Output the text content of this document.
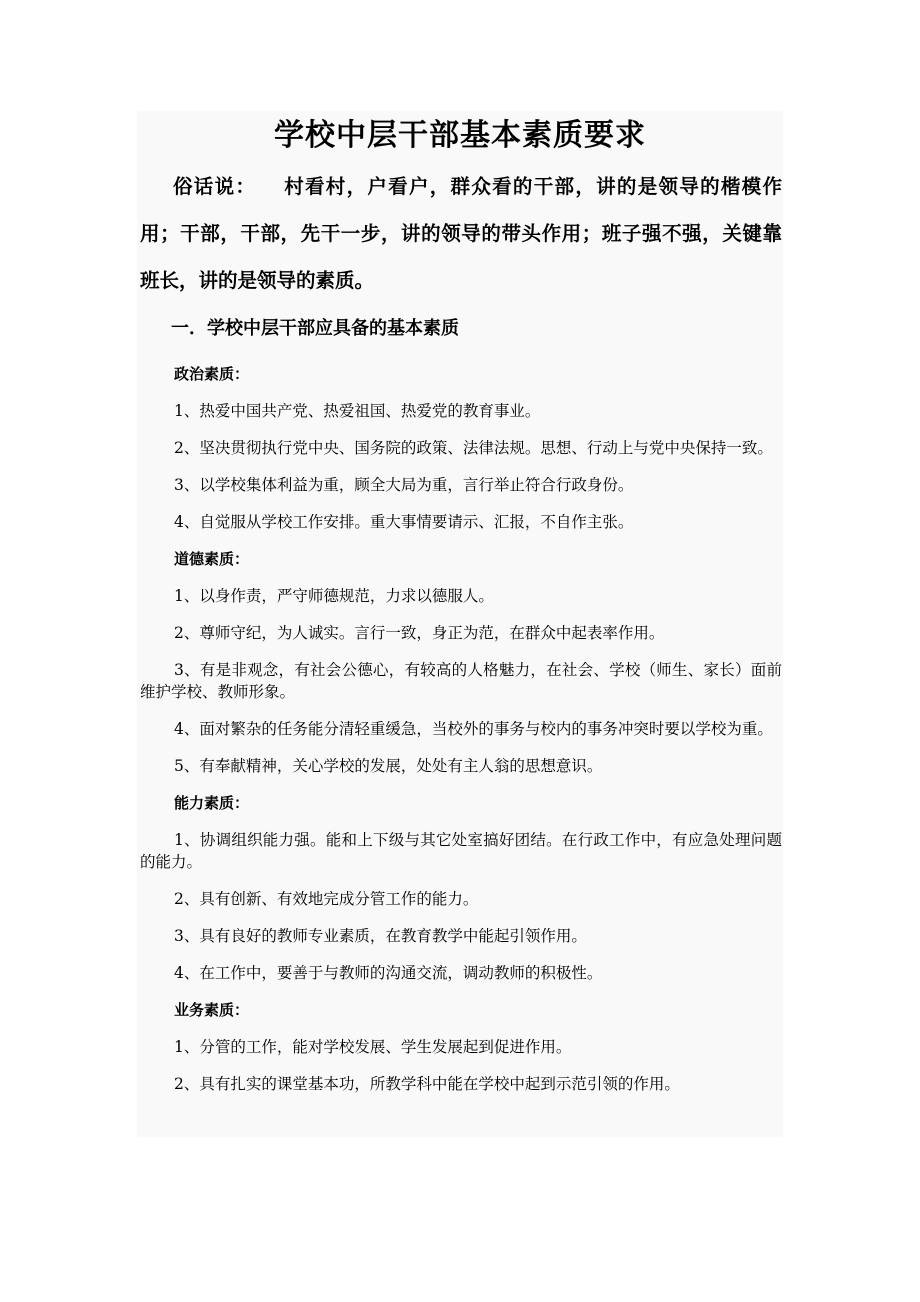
学校中层干部基本素质要求

俗话说： 村看村，户看户，群众看的干部，讲的是领导的楷模作用；干部，干部，先干一步，讲的领导的带头作用；班子强不强，关键靠班长，讲的是领导的素质。

一．学校中层干部应具备的基本素质
政治素质：

1、热爱中国共产党、热爱祖国、热爱党的教育事业。

2、坚决贯彻执行党中央、国务院的政策、法律法规。思想、行动上与党中央保持一致。

3、以学校集体利益为重，顾全大局为重，言行举止符合行政身份。

4、自觉服从学校工作安排。重大事情要请示、汇报，不自作主张。

道德素质：

1、以身作责，严守师德规范，力求以德服人。

2、尊师守纪，为人诚实。言行一致，身正为范，在群众中起表率作用。

3、有是非观念，有社会公德心，有较高的人格魅力，在社会、学校（师生、家长）面前维护学校、教师形象。

4、面对繁杂的任务能分清轻重缓急，当校外的事务与校内的事务冲突时要以学校为重。

5、有奉献精神，关心学校的发展，处处有主人翁的思想意识。

能力素质：

1、协调组织能力强。能和上下级与其它处室搞好团结。在行政工作中，有应急处理问题的能力。

2、具有创新、有效地完成分管工作的能力。

3、具有良好的教师专业素质，在教育教学中能起引领作用。

4、在工作中，要善于与教师的沟通交流，调动教师的积极性。

业务素质：

1、分管的工作，能对学校发展、学生发展起到促进作用。

2、具有扎实的课堂基本功，所教学科中能在学校中起到示范引领的作用。
